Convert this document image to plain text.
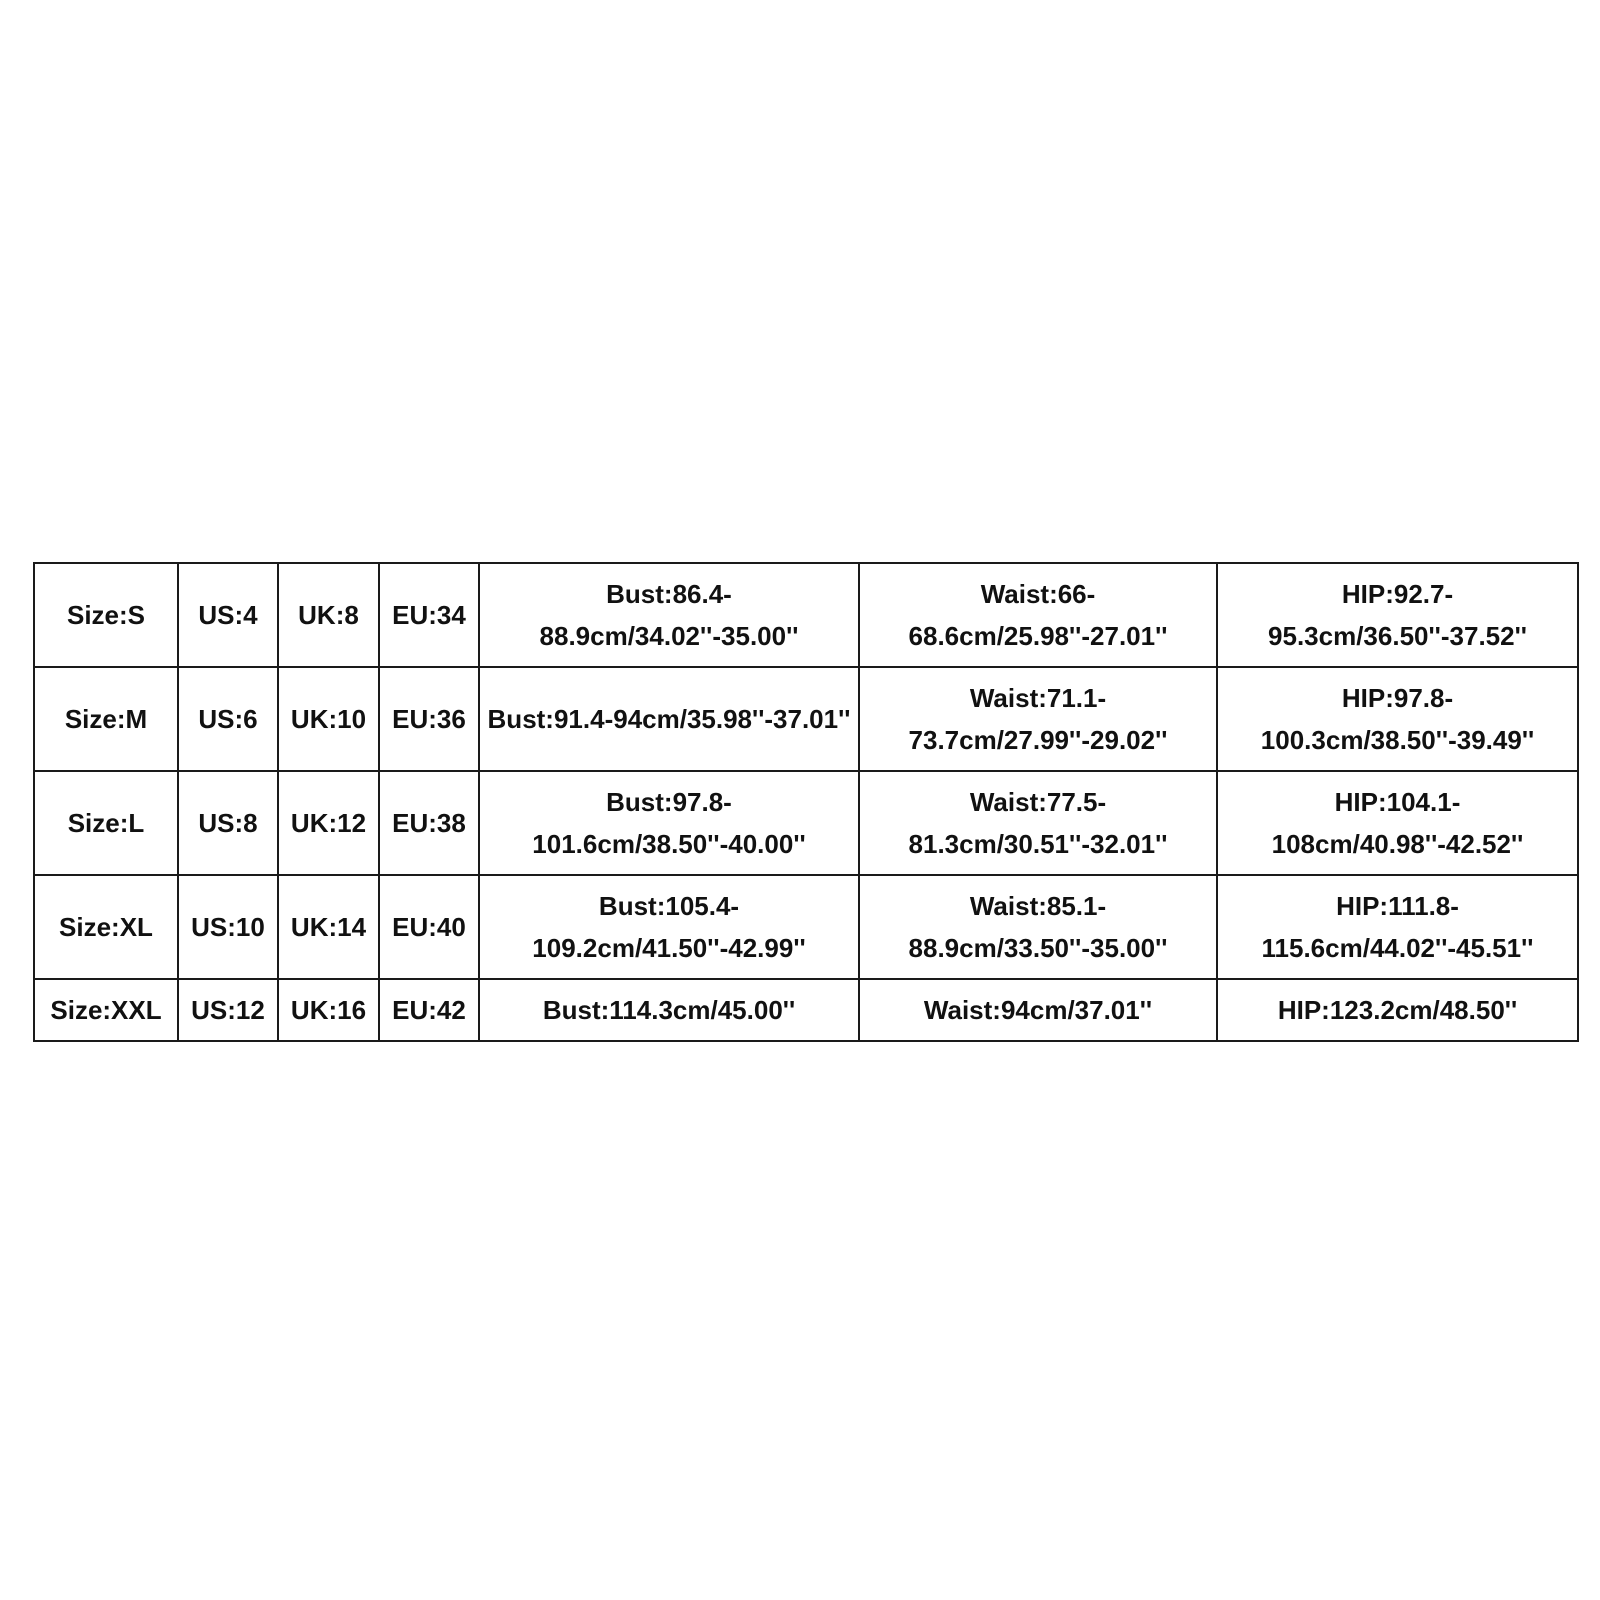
Size:S	US:4	UK:8	EU:34	Bust:86.4-88.9cm/34.02''-35.00''	Waist:66-68.6cm/25.98''-27.01''	HIP:92.7-95.3cm/36.50''-37.52''
Size:M	US:6	UK:10	EU:36	Bust:91.4-94cm/35.98''-37.01''	Waist:71.1-73.7cm/27.99''-29.02''	HIP:97.8-100.3cm/38.50''-39.49''
Size:L	US:8	UK:12	EU:38	Bust:97.8-101.6cm/38.50''-40.00''	Waist:77.5-81.3cm/30.51''-32.01''	HIP:104.1-108cm/40.98''-42.52''
Size:XL	US:10	UK:14	EU:40	Bust:105.4-109.2cm/41.50''-42.99''	Waist:85.1-88.9cm/33.50''-35.00''	HIP:111.8-115.6cm/44.02''-45.51''
Size:XXL	US:12	UK:16	EU:42	Bust:114.3cm/45.00''	Waist:94cm/37.01''	HIP:123.2cm/48.50''
